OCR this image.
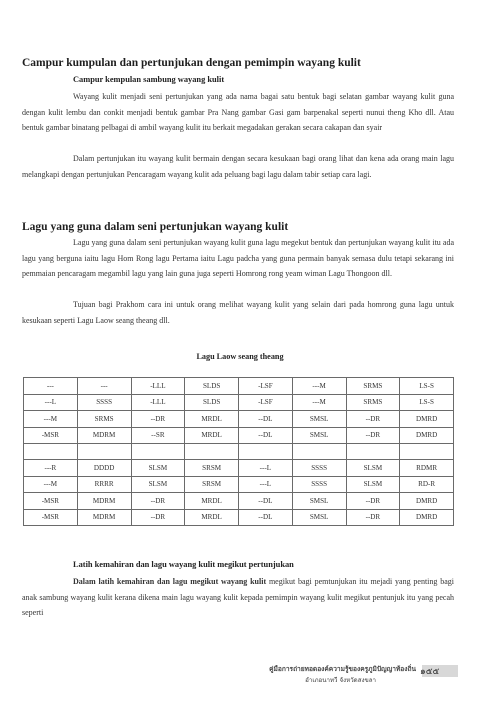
Campur kumpulan dan pertunjukan dengan pemimpin wayang kulit
Campur kempulan sambung wayang kulit

Wayang kulit menjadi seni pertunjukan yang ada nama bagai satu bentuk bagi selatan gambar wayang kulit guna dengan kulit lembu dan conkit menjadi bentuk gambar Pra Nang gambar Gasi gam barpenakal seperti nunui theng Kho dll. Atau bentuk gambar binatang pelbagai di ambil wayang kulit itu berkait megadakan gerakan secara cakapan dan syair

Dalam pertunjukan itu wayang kulit bermain dengan secara kesukaan bagi orang lihat dan kena ada orang main lagu melangkapi dengan pertunjukan Pencaragam wayang kulit ada peluang bagi lagu dalam tabir setiap cara lagi.

Lagu yang guna dalam seni pertunjukan wayang kulit

Lagu yang guna dalam seni pertunjukan wayang kulit guna lagu megekut bentuk dan pertunjukan wayang kulit itu ada lagu yang berguna iaitu lagu Hom Rong lagu Pertama iaitu Lagu padcha yang guna permain banyak semasa dulu tetapi sekarang ini pemmaian pencaragam megambil lagu yang lain guna juga seperti Homrong rong yeam wiman Lagu Thongoon dll.

Tujuan bagi Prakhom cara ini untuk orang melihat wayang kulit yang selain dari pada homrong guna lagu untuk kesukaan seperti Lagu Laow seang theang dll.

Lagu Laow seang theang

---	---	-LLL	SLDS	-LSF	---M	SRMS	LS-S
---L	SSSS	-LLL	SLDS	-LSF	---M	SRMS	LS-S
---M	SRMS	--DR	MRDL	--DL	SMSL	--DR	DMRD
-MSR	MDRM	--SR	MRDL	--DL	SMSL	--DR	DMRD

---R	DDDD	SLSM	SRSM	---L	SSSS	SLSM	RDMR
---M	RRRR	SLSM	SRSM	---L	SSSS	SLSM	RD-R
-MSR	MDRM	--DR	MRDL	--DL	SMSL	--DR	DMRD
-MSR	MDRM	--DR	MRDL	--DL	SMSL	--DR	DMRD
Latih kemahiran dan lagu wayang kulit megikut pertunjukan

Dalam latih kemahiran dan lagu megikut wayang kulit megikut bagi pemtunjukan itu mejadi yang penting bagi anak sambung wayang kulit kerana dikena main lagu wayang kulit kepada pemimpin wayang kulit megikut pentunjuk itu yang pecah seperti

๑๕๕
คู่มือการถ่ายทอดองค์ความรู้ของครูภูมิปัญญาท้องถิ่น
อำเภอนาทวี จังหวัดสงขลา
